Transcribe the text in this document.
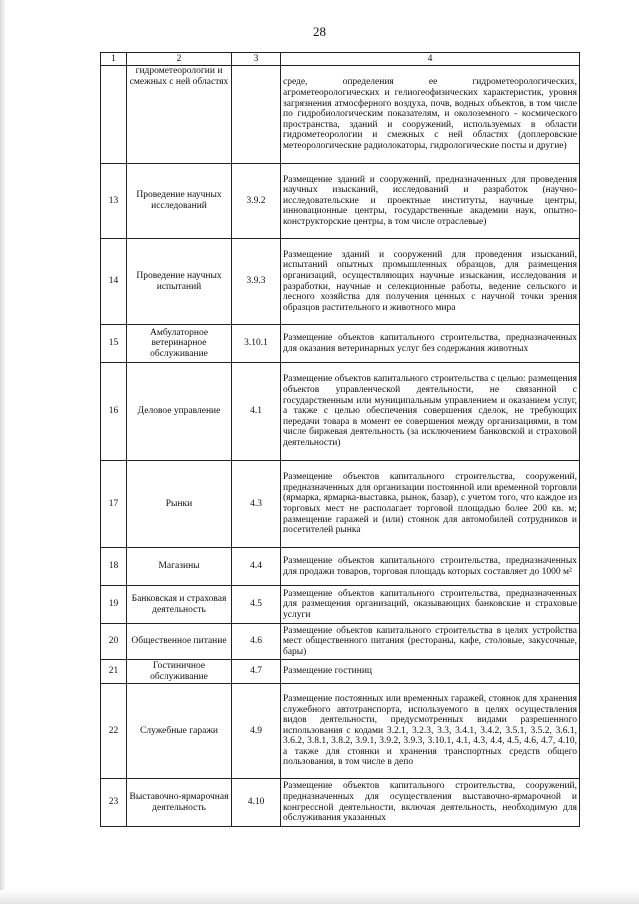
28
1	2	3	4
	гидрометеорологии и смежных с ней областях		среде, определения ее гидрометеорологических, агрометеорологических и гелиогеофизических характеристик, уровня загрязнения атмосферного воздуха, почв, водных объектов, в том числе по гидробиологическим показателям, и околоземного - космического пространства, зданий и сооружений, используемых в области гидрометеорологии и смежных с ней областях (доплеровские метеорологические радиолокаторы, гидрологические посты и другие)
13	Проведение научных исследований	3.9.2	Размещение зданий и сооружений, предназначенных для проведения научных изысканий, исследований и разработок (научно-исследовательские и проектные институты, научные центры, инновационные центры, государственные академии наук, опытно-конструкторские центры, в том числе отраслевые)
14	Проведение научных испытаний	3.9.3	Размещение зданий и сооружений для проведения изысканий, испытаний опытных промышленных образцов, для размещения организаций, осуществляющих научные изыскания, исследования и разработки, научные и селекционные работы, ведение сельского и лесного хозяйства для получения ценных с научной точки зрения образцов растительного и животного мира
15	Амбулаторное ветеринарное обслуживание	3.10.1	Размещение объектов капитального строительства, предназначенных для оказания ветеринарных услуг без содержания животных
16	Деловое управление	4.1	Размещение объектов капитального строительства с целью: размещения объектов управленческой деятельности, не связанной с государственным или муниципальным управлением и оказанием услуг, а также с целью обеспечения совершения сделок, не требующих передачи товара в момент ее совершения между организациями, в том числе биржевая деятельность (за исключением банковской и страховой деятельности)
17	Рынки	4.3	Размещение объектов капитального строительства, сооружений, предназначенных для организации постоянной или временной торговли (ярмарка, ярмарка-выставка, рынок, базар), с учетом того, что каждое из торговых мест не располагает торговой площадью более 200 кв. м; размещение гаражей и (или) стоянок для автомобилей сотрудников и посетителей рынка
18	Магазины	4.4	Размещение объектов капитального строительства, предназначенных для продажи товаров, торговая площадь которых составляет до 1000 м²
19	Банковская и страховая деятельность	4.5	Размещение объектов капитального строительства, предназначенных для размещения организаций, оказывающих банковские и страховые услуги
20	Общественное питание	4.6	Размещение объектов капитального строительства в целях устройства мест общественного питания (рестораны, кафе, столовые, закусочные, бары)
21	Гостиничное обслуживание	4.7	Размещение гостиниц
22	Служебные гаражи	4.9	Размещение постоянных или временных гаражей, стоянок для хранения служебного автотранспорта, используемого в целях осуществления видов деятельности, предусмотренных видами разрешенного использования с кодами 3.2.1, 3.2.3, 3.3, 3.4.1, 3.4.2, 3.5.1, 3.5.2, 3.6.1, 3.6.2, 3.8.1, 3.8.2, 3.9.1, 3.9.2, 3.9.3, 3.10.1, 4.1, 4.3, 4.4, 4.5, 4.6, 4.7, 4.10, а также для стоянки и хранения транспортных средств общего пользования, в том числе в депо
23	Выставочно-ярмарочная деятельность	4.10	Размещение объектов капитального строительства, сооружений, предназначенных для осуществления выставочно-ярмарочной и конгрессной деятельности, включая деятельность, необходимую для обслуживания указанных
